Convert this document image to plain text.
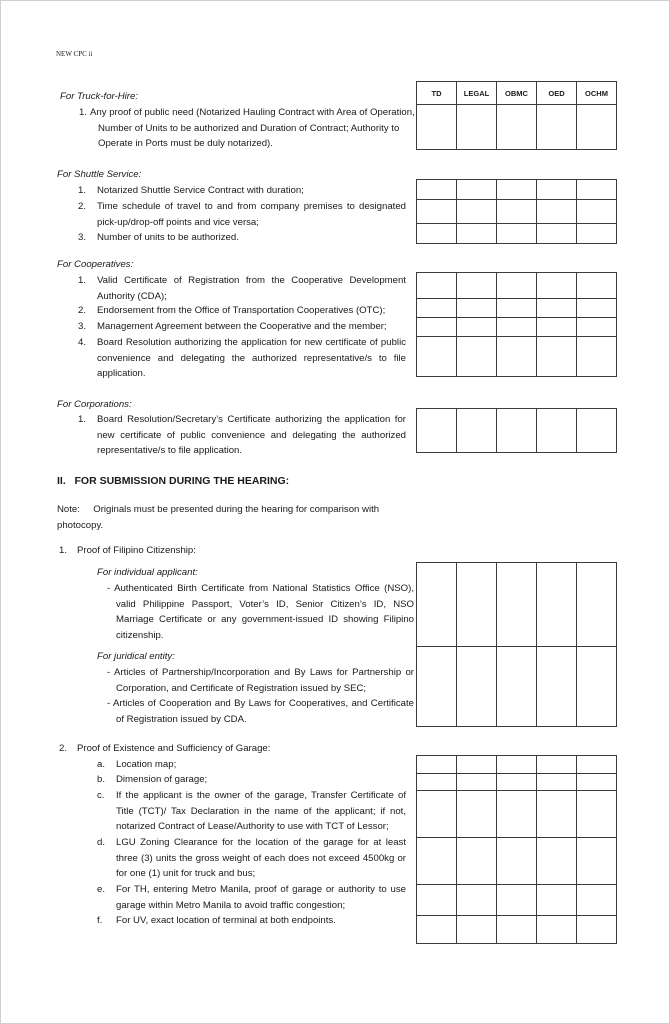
NEW CPC ii
For Truck-for-Hire:
1. Any proof of public need (Notarized Hauling Contract with Area of Operation, Number of Units to be authorized and Duration of Contract; Authority to Operate in Ports must be duly notarized).
TD	LEGAL	OBMC	OED	OCHM

For Shuttle Service:
1. Notarized Shuttle Service Contract with duration;
2. Time schedule of travel to and from company premises to designated pick-up/drop-off points and vice versa;
3. Number of units to be authorized.

For Cooperatives:
1. Valid Certificate of Registration from the Cooperative Development Authority (CDA);
2. Endorsement from the Office of Transportation Cooperatives (OTC);
3. Management Agreement between the Cooperative and the member;
4. Board Resolution authorizing the application for new certificate of public convenience and delegating the authorized representative/s to file application.

For Corporations:
1. Board Resolution/Secretary’s Certificate authorizing the application for new certificate of public convenience and delegating the authorized representative/s to file application.

II.   FOR SUBMISSION DURING THE HEARING:
Note:     Originals must be presented during the hearing for comparison with photocopy.
1. Proof of Filipino Citizenship:
For individual applicant:
- Authenticated Birth Certificate from National Statistics Office (NSO), valid Philippine Passport, Voter’s ID, Senior Citizen’s ID, NSO Marriage Certificate or any government-issued ID showing Filipino citizenship.
For juridical entity:
- Articles of Partnership/Incorporation and By Laws for Partnership or Corporation, and Certificate of Registration issued by SEC;
- Articles of Cooperation and By Laws for Cooperatives, and Certificate of Registration issued by CDA.

2. Proof of Existence and Sufficiency of Garage:
a. Location map;
b. Dimension of garage;
c. If the applicant is the owner of the garage, Transfer Certificate of Title (TCT)/ Tax Declaration in the name of the applicant; if not, notarized Contract of Lease/Authority to use with TCT of Lessor;
d. LGU Zoning Clearance for the location of the garage for at least three (3) units the gross weight of each does not exceed 4500kg or for one (1) unit for truck and bus;
e. For TH, entering Metro Manila, proof of garage or authority to use garage within Metro Manila to avoid traffic congestion;
f. For UV, exact location of terminal at both endpoints.
